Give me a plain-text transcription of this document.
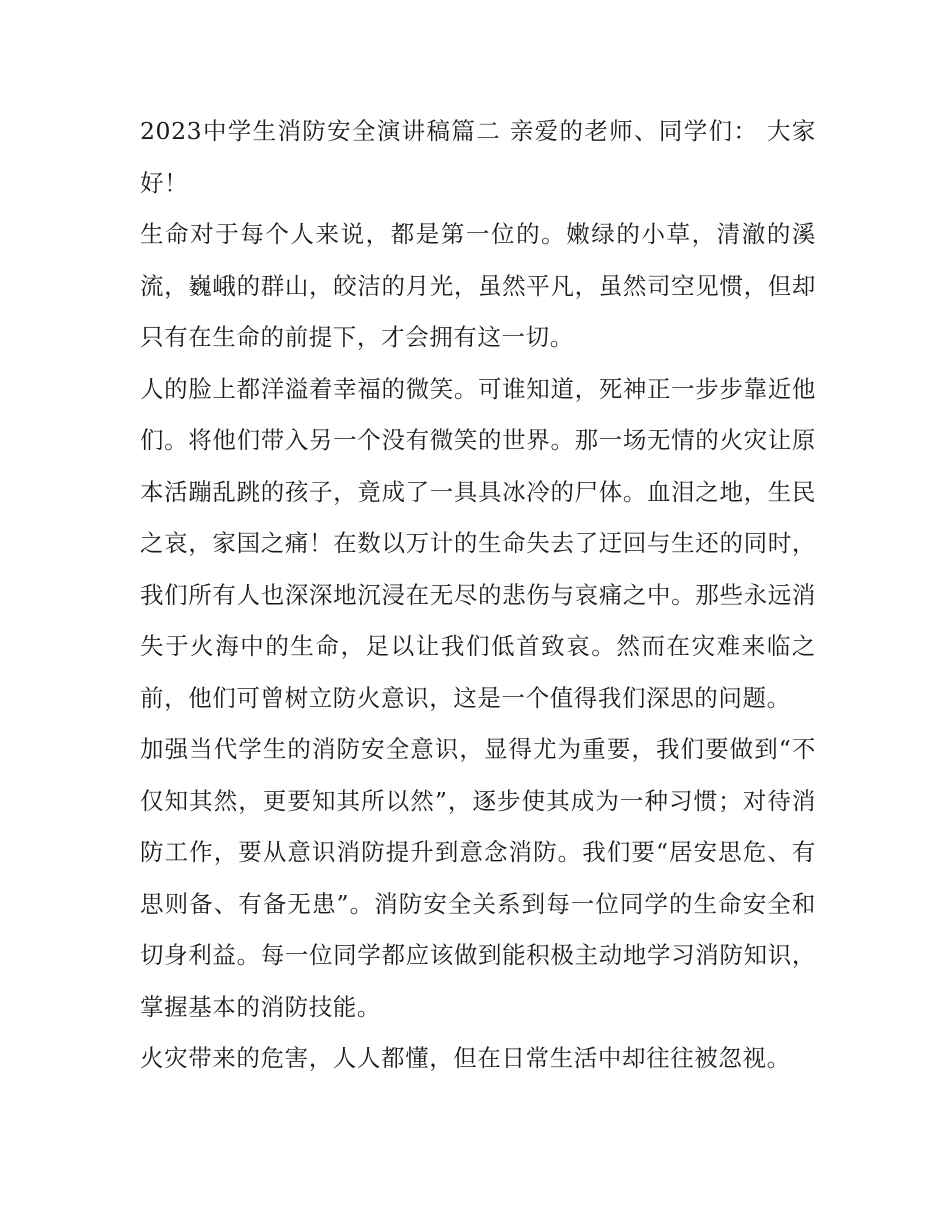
2023中学生消防安全演讲稿篇二 亲爱的老师、同学们： 大家好！

生命对于每个人来说，都是第一位的。嫩绿的小草，清澈的溪流，巍峨的群山，皎洁的月光，虽然平凡，虽然司空见惯，但却只有在生命的前提下，才会拥有这一切。

人的脸上都洋溢着幸福的微笑。可谁知道，死神正一步步靠近他们。将他们带入另一个没有微笑的世界。那一场无情的火灾让原本活蹦乱跳的孩子，竟成了一具具冰冷的尸体。血泪之地，生民之哀，家国之痛！在数以万计的生命失去了迂回与生还的同时，我们所有人也深深地沉浸在无尽的悲伤与哀痛之中。那些永远消失于火海中的生命，足以让我们低首致哀。然而在灾难来临之前，他们可曾树立防火意识，这是一个值得我们深思的问题。

加强当代学生的消防安全意识，显得尤为重要，我们要做到“不仅知其然，更要知其所以然”，逐步使其成为一种习惯；对待消防工作，要从意识消防提升到意念消防。我们要“居安思危、有思则备、有备无患”。消防安全关系到每一位同学的生命安全和切身利益。每一位同学都应该做到能积极主动地学习消防知识，掌握基本的消防技能。

火灾带来的危害，人人都懂，但在日常生活中却往往被忽视。
